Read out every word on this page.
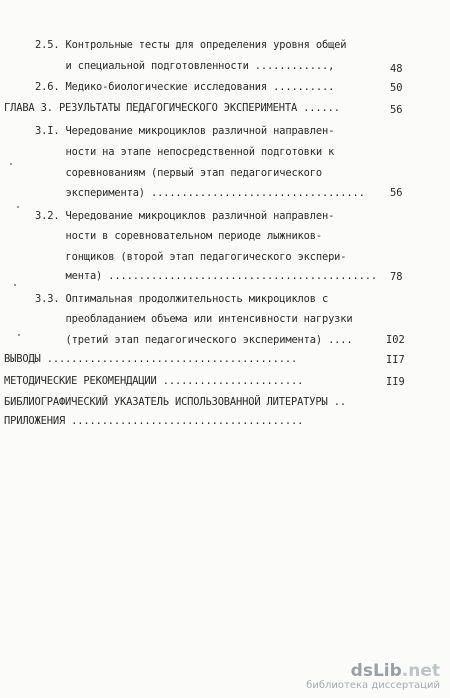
2.5. Контрольные тесты для определения уровня общей
и специальной подготовленности ............,	48
2.6. Медико-биологические исследования ..........	50
ГЛАВА 3. РЕЗУЛЬТАТЫ ПЕДАГОГИЧЕСКОГО ЭКСПЕРИМЕНТА ......	56
3.I. Чередование микроциклов различной направлен-
ности на этапе непосредственной подготовки к
соревнованиям (первый этап педагогического
эксперимента) ................................... 56
3.2. Чередование микроциклов различной направлен-
ности в соревновательном периоде лыжников-
гонщиков (второй этап педагогического экспери-
мента) ............................................ 78
3.3. Оптимальная продолжительность микроциклов с
преобладанием объема или интенсивности нагрузки
(третий этап педагогического эксперимента) ....	I02
ВЫВОДЫ .........................................	II7
МЕТОДИЧЕСКИЕ РЕКОМЕНДАЦИИ .......................	II9
БИБЛИОГРАФИЧЕСКИЙ УКАЗАТЕЛЬ ИСПОЛЬЗОВАННОЙ ЛИТЕРАТУРЫ ..
ПРИЛОЖЕНИЯ ......................................
dsLib.net
библиотека диссертаций
